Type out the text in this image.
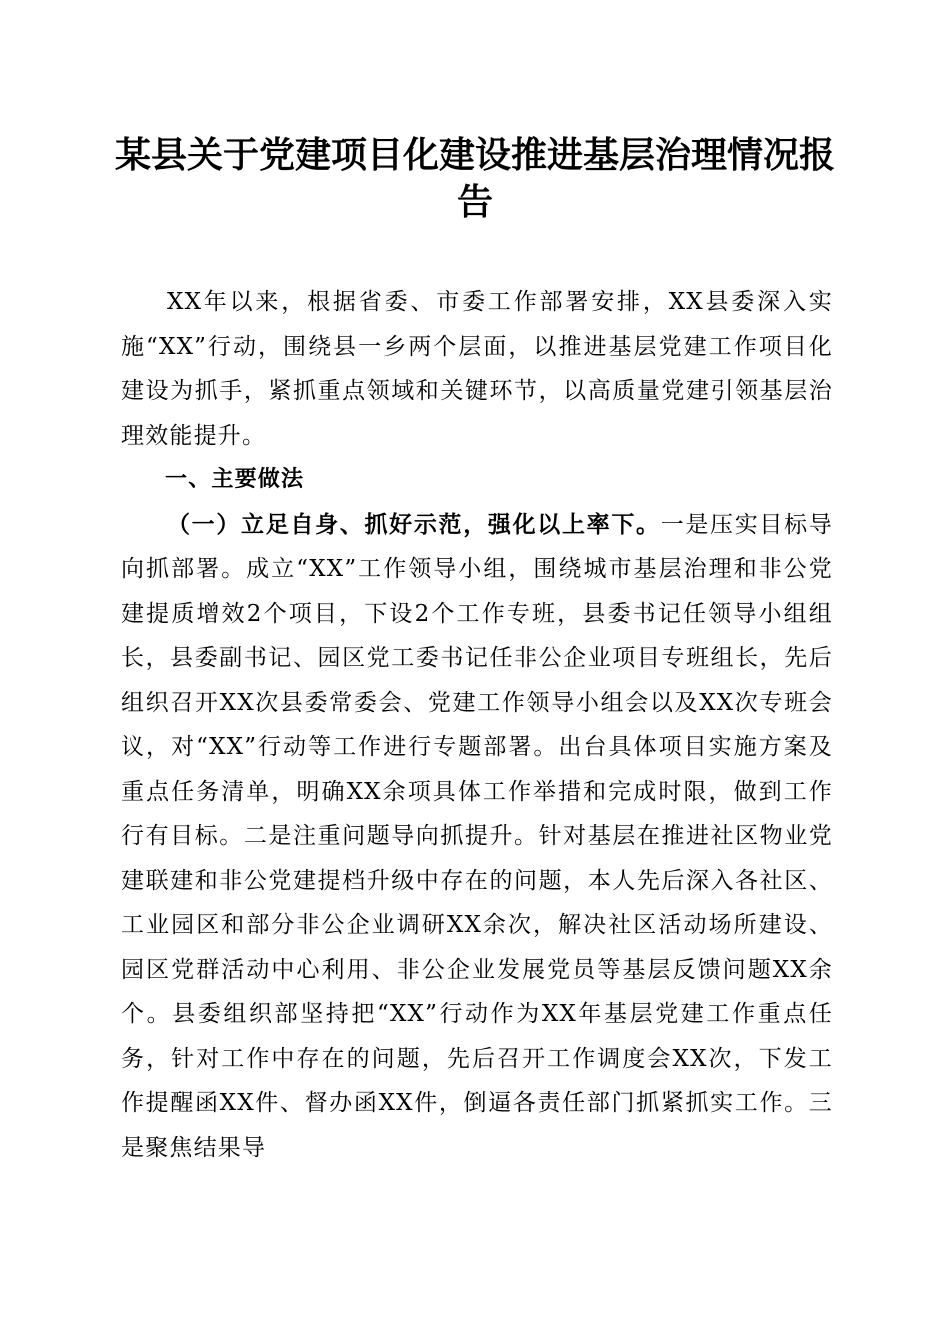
某县关于党建项目化建设推进基层治理情况报告

XX年以来，根据省委、市委工作部署安排，XX县委深入实施“XX”行动，围绕县一乡两个层面，以推进基层党建工作项目化建设为抓手，紧抓重点领域和关键环节，以高质量党建引领基层治理效能提升。

一、主要做法

（一）立足自身、抓好示范，强化以上率下。一是压实目标导向抓部署。成立“XX”工作领导小组，围绕城市基层治理和非公党建提质增效2个项目，下设2个工作专班，县委书记任领导小组组长，县委副书记、园区党工委书记任非公企业项目专班组长，先后组织召开XX次县委常委会、党建工作领导小组会以及XX次专班会议，对“XX”行动等工作进行专题部署。出台具体项目实施方案及重点任务清单，明确XX余项具体工作举措和完成时限，做到工作行有目标。二是注重问题导向抓提升。针对基层在推进社区物业党建联建和非公党建提档升级中存在的问题，本人先后深入各社区、工业园区和部分非公企业调研XX余次，解决社区活动场所建设、园区党群活动中心利用、非公企业发展党员等基层反馈问题XX余个。县委组织部坚持把“XX”行动作为XX年基层党建工作重点任务，针对工作中存在的问题，先后召开工作调度会XX次，下发工作提醒函XX件、督办函XX件，倒逼各责任部门抓紧抓实工作。三是聚焦结果导
